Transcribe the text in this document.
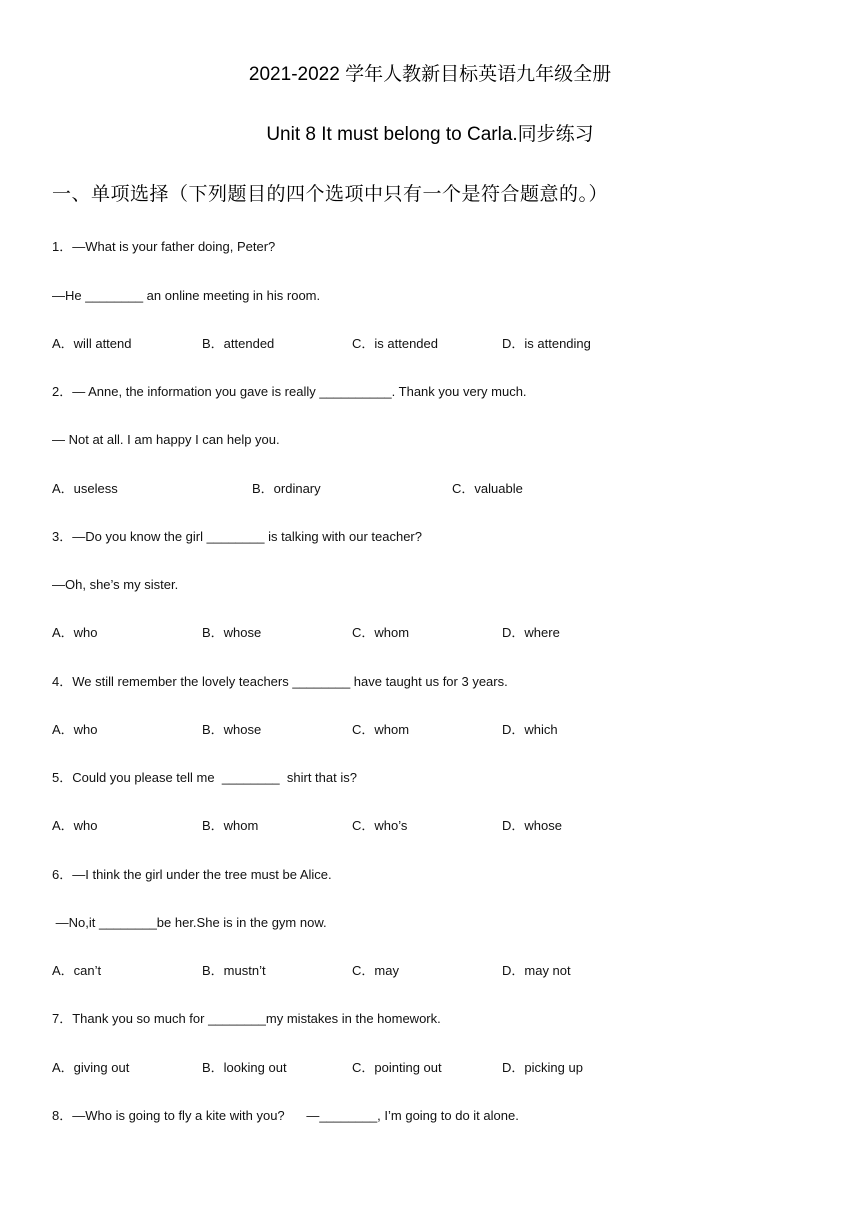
2021-2022 学年人教新目标英语九年级全册
Unit 8 It must belong to Carla.同步练习
一、单项选择（下列题目的四个选项中只有一个是符合题意的。）
1．—What is your father doing, Peter?
—He ________ an online meeting in his room.
A．will attend	B．attended	C．is attended	D．is attending
2．— Anne, the information you gave is really __________. Thank you very much.
— Not at all. I am happy I can help you.
A．useless	B．ordinary	C．valuable
3．—Do you know the girl ________ is talking with our teacher?
—Oh, she’s my sister.
A．who	B．whose	C．whom	D．where
4．We still remember the lovely teachers ________ have taught us for 3 years.
A．who	B．whose	C．whom	D．which
5．Could you please tell me  ________  shirt that is?
A．who	B．whom	C．who’s	D．whose
6．—I think the girl under the tree must be Alice.
—No,it ________be her.She is in the gym now.
A．can’t	B．mustn’t	C．may	D．may not
7．Thank you so much for ________my mistakes in the homework.
A．giving out	B．looking out	C．pointing out	D．picking up
8．—Who is going to fly a kite with you?      —________, I’m going to do it alone.
